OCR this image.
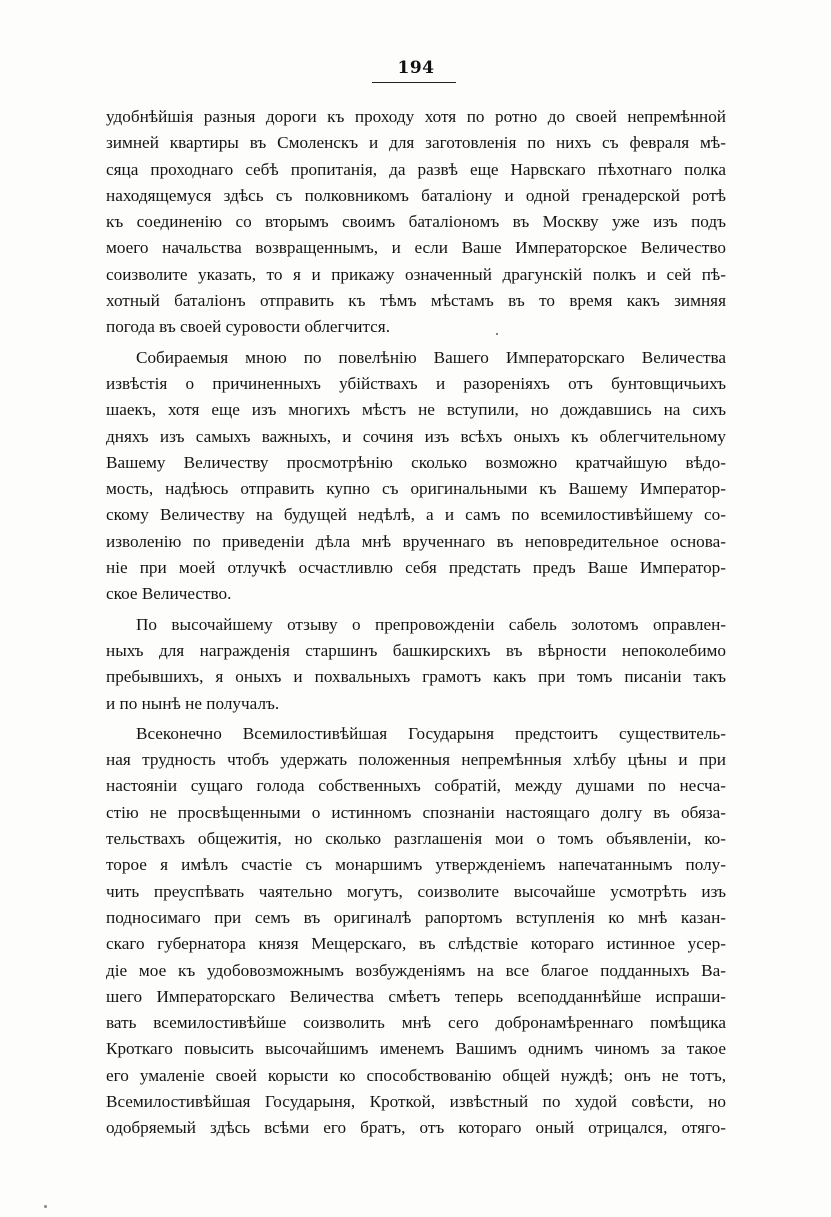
194
удобнѣйшія разныя дороги къ проходу хотя по ротно до своей непремѣнной
зимней квартиры въ Смоленскъ и для заготовленія по нихъ съ февраля мѣ-
сяца проходнаго себѣ пропитанія, да развѣ еще Нарвскаго пѣхотнаго полка
находящемуся здѣсь съ полковникомъ баталіону и одной гренадерской ротѣ
къ соединенію со вторымъ своимъ баталіономъ въ Москву уже изъ подъ
моего начальства возвращеннымъ, и если Ваше Императорское Величество
соизволите указать, то я и прикажу означенный драгунскій полкъ и сей пѣ-
хотный баталіонъ отправить къ тѣмъ мѣстамъ въ то время какъ зимняя
погода въ своей суровости облегчится.
Собираемыя мною по повелѣнію Вашего Императорскаго Величества
извѣстія о причиненныхъ убійствахъ и разореніяхъ отъ бунтовщичьихъ
шаекъ, хотя еще изъ многихъ мѣстъ не вступили, но дождавшись на сихъ
дняхъ изъ самыхъ важныхъ, и сочиня изъ всѣхъ оныхъ къ облегчительному
Вашему Величеству просмотрѣнію сколько возможно кратчайшую вѣдо-
мость, надѣюсь отправить купно съ оригинальными къ Вашему Император-
скому Величеству на будущей недѣлѣ, а и самъ по всемилостивѣйшему со-
изволенію по приведеніи дѣла мнѣ врученнаго въ неповредительное основа-
ніе при моей отлучкѣ осчастливлю себя предстать предъ Ваше Император-
ское Величество.
По высочайшему отзыву о препровожденіи сабель золотомъ оправлен-
ныхъ для награжденія старшинъ башкирскихъ въ вѣрности непоколебимо
пребывшихъ, я оныхъ и похвальныхъ грамотъ какъ при томъ писаніи такъ
и по нынѣ не получалъ.
Всеконечно Всемилостивѣйшая Государыня предстоитъ существитель-
ная трудность чтобъ удержать положенныя непремѣнныя хлѣбу цѣны и при
настояніи сущаго голода собственныхъ собратій, между душами по несча-
стію не просвѣщенными о истинномъ спознаніи настоящаго долгу въ обяза-
тельствахъ общежитія, но сколько разглашенія мои о томъ объявленіи, ко-
торое я имѣлъ счастіе съ монаршимъ утвержденіемъ напечатаннымъ полу-
чить преуспѣвать чаятельно могутъ, соизволите высочайше усмотрѣть изъ
подносимаго при семъ въ оригиналѣ рапортомъ вступленія ко мнѣ казан-
скаго губернатора князя Мещерскаго, въ слѣдствіе котораго истинное усер-
діе мое къ удобовозможнымъ возбужденіямъ на все благое подданныхъ Ва-
шего Императорскаго Величества смѣетъ теперь всеподданнѣйше испраши-
вать всемилостивѣйше соизволить мнѣ сего добронамѣреннаго помѣщика
Кроткаго повысить высочайшимъ именемъ Вашимъ однимъ чиномъ за такое
его умаленіе своей корысти ко способствованію общей нуждѣ; онъ не тотъ,
Всемилостивѣйшая Государыня, Кроткой, извѣстный по худой совѣсти, но
одобряемый здѣсь всѣми его братъ, отъ котораго оный отрицался, отяго-
